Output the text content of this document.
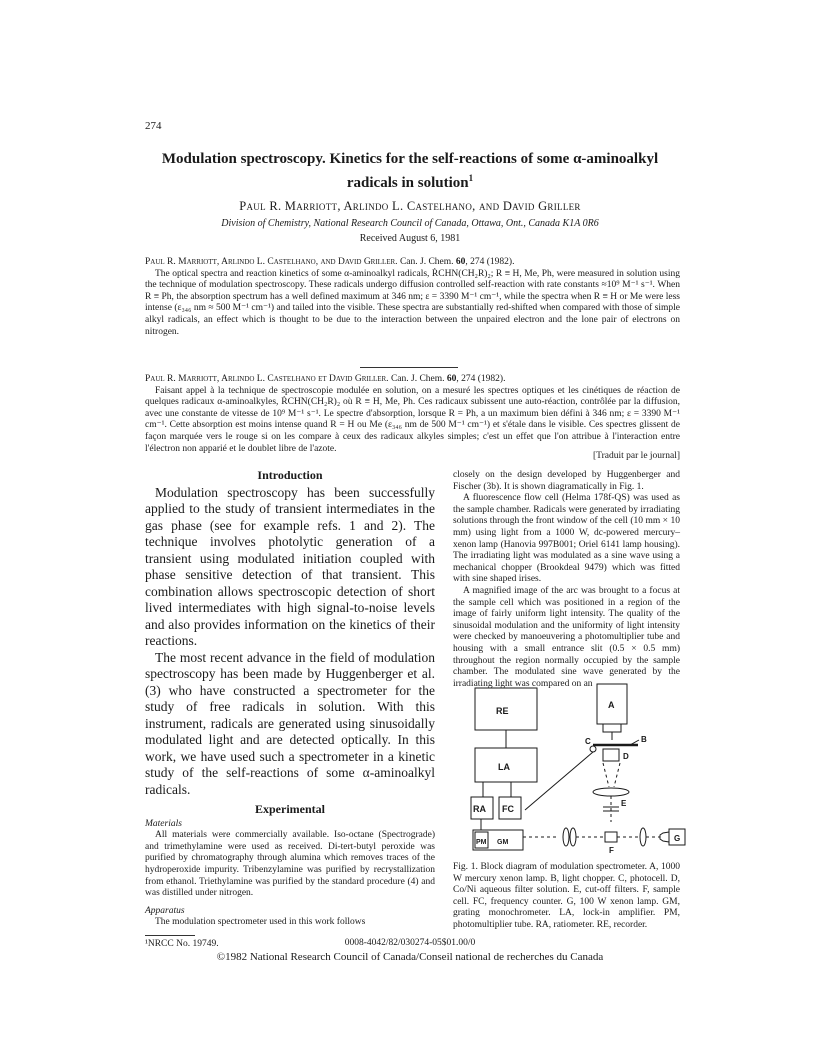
274
Modulation spectroscopy. Kinetics for the self-reactions of some α-aminoalkyl
radicals in solution$^1$
Paul R. Marriott, Arlindo L. Castelhano, and David Griller
Division of Chemistry, National Research Council of Canada, Ottawa, Ont., Canada K1A 0R6
Received August 6, 1981

Paul R. Marriott, Arlindo L. Castelhano, and David Griller. Can. J. Chem. 60, 274 (1982).

The optical spectra and reaction kinetics of some α-aminoalkyl radicals, ṘCHN(CH₂R)₂; R ≡ H, Me, Ph, were measured in solution using the technique of modulation spectroscopy. These radicals undergo diffusion controlled self-reaction with rate constants ≈10⁹ M⁻¹ s⁻¹. When R ≡ Ph, the absorption spectrum has a well defined maximum at 346 nm; ε = 3390 M⁻¹ cm⁻¹, while the spectra when R ≡ H or Me were less intense (ε₃₄₆ nm ≈ 500 M⁻¹ cm⁻¹) and tailed into the visible. These spectra are substantially red-shifted when compared with those of simple alkyl radicals, an effect which is thought to be due to the interaction between the unpaired electron and the lone pair of electrons on nitrogen.

Paul R. Marriott, Arlindo L. Castelhano et David Griller. Can. J. Chem. 60, 274 (1982).

Faisant appel à la technique de spectroscopie modulée en solution, on a mesuré les spectres optiques et les cinétiques de réaction de quelques radicaux α-aminoalkyles, ṘCHN(CH₂R)₂ où R ≡ H, Me, Ph. Ces radicaux subissent une auto-réaction, contrôlée par la diffusion, avec une constante de vitesse de 10⁹ M⁻¹ s⁻¹. Le spectre d'absorption, lorsque R = Ph, a un maximum bien défini à 346 nm; ε = 3390 M⁻¹ cm⁻¹. Cette absorption est moins intense quand R = H ou Me (ε₃₄₆ nm de 500 M⁻¹ cm⁻¹) et s'étale dans le visible. Ces spectres glissent de façon marquée vers le rouge si on les compare à ceux des radicaux alkyles simples; c'est un effet que l'on attribue à l'interaction entre l'électron non apparié et le doublet libre de l'azote.

[Traduit par le journal]
Introduction

Modulation spectroscopy has been successfully applied to the study of transient intermediates in the gas phase (see for example refs. 1 and 2). The technique involves photolytic generation of a transient using modulated initiation coupled with phase sensitive detection of that transient. This combination allows spectroscopic detection of short lived intermediates with high signal-to-noise levels and also provides information on the kinetics of their reactions.

The most recent advance in the field of modulation spectroscopy has been made by Huggenberger et al. (3) who have constructed a spectrometer for the study of free radicals in solution. With this instrument, radicals are generated using sinusoidally modulated light and are detected optically. In this work, we have used such a spectrometer in a kinetic study of the self-reactions of some α-aminoalkyl radicals.

Experimental
Materials

All materials were commercially available. Iso-octane (Spectrograde) and trimethylamine were used as received. Di-tert-butyl peroxide was purified by chromatography through alumina which removes traces of the hydroperoxide impurity. Tribenzylamine was purified by recrystallization from ethanol. Triethylamine was purified by the standard procedure (4) and was distilled under nitrogen.

Apparatus

The modulation spectrometer used in this work follows

¹NRCC No. 19749.

closely on the design developed by Huggenberger and Fischer (3b). It is shown diagramatically in Fig. 1.

A fluorescence flow cell (Helma 178f-QS) was used as the sample chamber. Radicals were generated by irradiating solutions through the front window of the cell (10 mm × 10 mm) using light from a 1000 W, dc-powered mercury–xenon lamp (Hanovia 997B001; Oriel 6141 lamp housing). The irradiating light was modulated as a sine wave using a mechanical chopper (Brookdeal 9479) which was fitted with sine shaped irises.

A magnified image of the arc was brought to a focus at the sample cell which was positioned in a region of the image of fairly uniform light intensity. The quality of the sinusoidal modulation and the uniformity of light intensity were checked by manoeuvering a photomultiplier tube and housing with a small entrance slit (0.5 × 0.5 mm) throughout the region normally occupied by the sample chamber. The modulated sine wave generated by the irradiating light was compared on an

RE
LA
RA FC
PM GM
A
B
C
D
E
F
G
Fig. 1. Block diagram of modulation spectrometer. A, 1000 W mercury xenon lamp. B, light chopper. C, photocell. D, Co/Ni aqueous filter solution. E, cut-off filters. F, sample cell. FC, frequency counter. G, 100 W xenon lamp. GM, grating monochrometer. LA, lock-in amplifier. PM, photomultiplier tube. RA, ratiometer. RE, recorder.
0008-4042/82/030274-05$01.00/0
©1982 National Research Council of Canada/Conseil national de recherches du Canada
